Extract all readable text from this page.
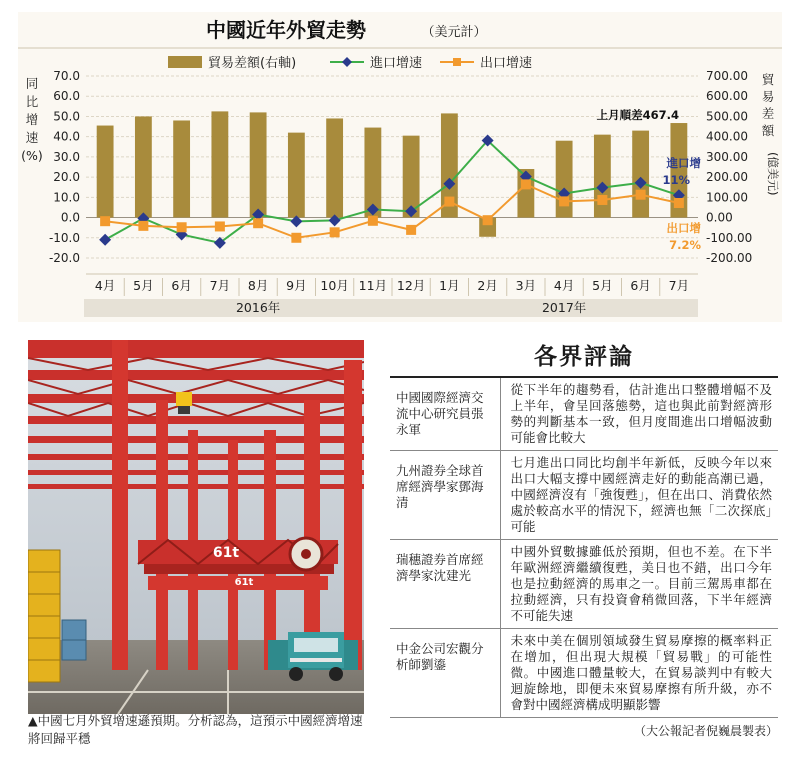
中國近年外貿走勢	（美元計）
貿易差額(右軸)	進口增速	出口增速
同
比
增
速
(%)
貿
易
差
額
(億美元)
70.0
60.0
50.0
40.0
30.0
20.0
10.0
0.0
-10.0
-20.0
700.00
600.00
500.00
400.00
300.00
200.00
100.00
0.00
-100.00
-200.00
4月 5月 6月 7月 8月 9月 10月 11月 12月 1月 2月 3月 4月 5月 6月 7月
2016年	2017年
上月順差467.4
進口增
11%
出口增
7.2%
61t
61t
▲中國七月外貿增速遜預期。分析認為，這預示中國經濟增速將回歸平穩
各界評論
中國國際經濟交流中心研究員張永軍	從下半年的趨勢看，估計進出口整體增幅不及上半年，會呈回落態勢，這也與此前對經濟形勢的判斷基本一致，但月度間進出口增幅波動可能會比較大
九州證券全球首席經濟學家鄧海清	七月進出口同比均創半年新低，反映今年以來出口大幅支撐中國經濟走好的動能高潮已過，中國經濟沒有「強復甦」，但在出口、消費依然處於較高水平的情況下，經濟也無「二次探底」可能
瑞穗證券首席經濟學家沈建光	中國外貿數據雖低於預期，但也不差。在下半年歐洲經濟繼續復甦，美日也不錯，出口今年也是拉動經濟的馬車之一。目前三駕馬車都在拉動經濟，只有投資會稍微回落，下半年經濟不可能失速
中金公司宏觀分析師劉鎏	未來中美在個別領域發生貿易摩擦的概率料正在增加，但出現大規模「貿易戰」的可能性微。中國進口體量較大，在貿易談判中有較大迴旋餘地，即便未來貿易摩擦有所升級，亦不會對中國經濟構成明顯影響
（大公報記者倪巍晨製表）
